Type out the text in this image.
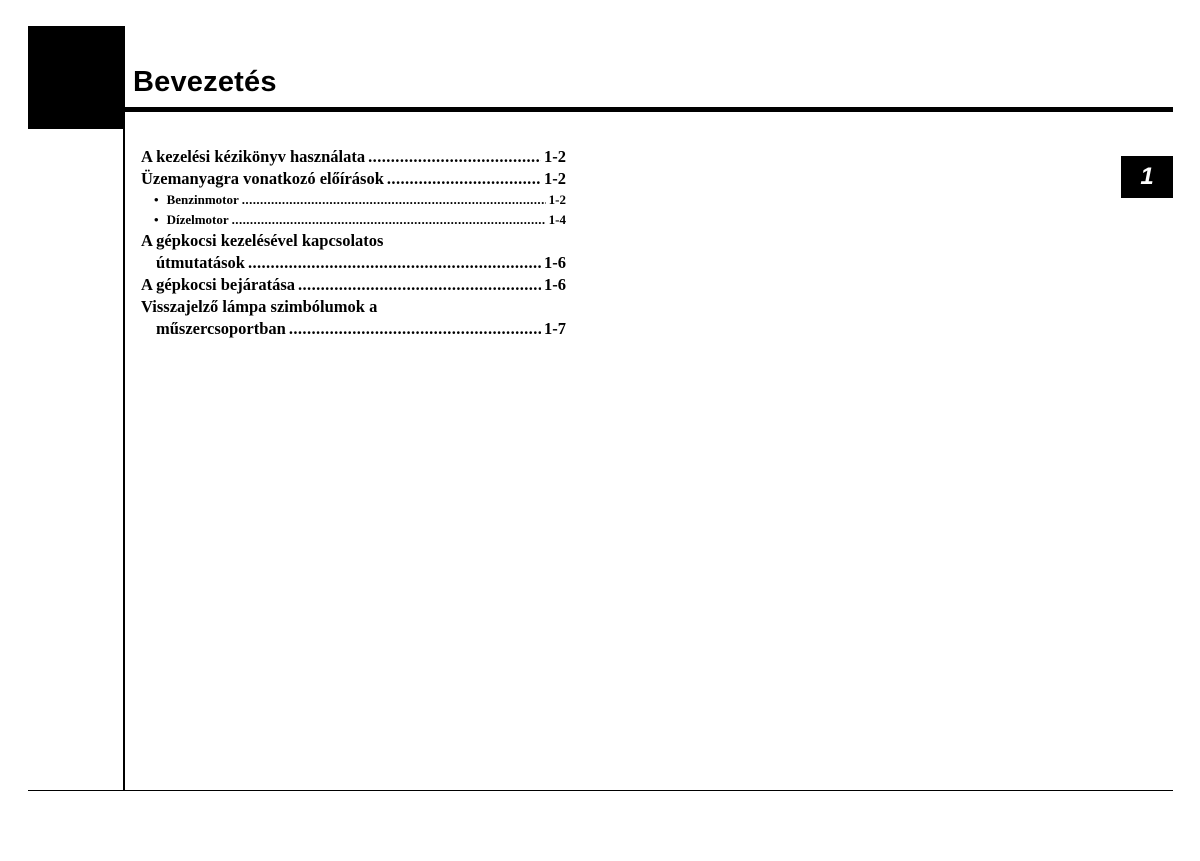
Bevezetés
1
A kezelési kézikönyv használata .....	1-2
Üzemanyagra vonatkozó előírások .....	1-2
• Benzinmotor .....	1-2
• Dízelmotor .....	1-4
A gépkocsi kezelésével kapcsolatos
útmutatások .....	1-6
A gépkocsi bejáratása .....	1-6
Visszajelző lámpa szimbólumok a
műszercsoportban .....	1-7
